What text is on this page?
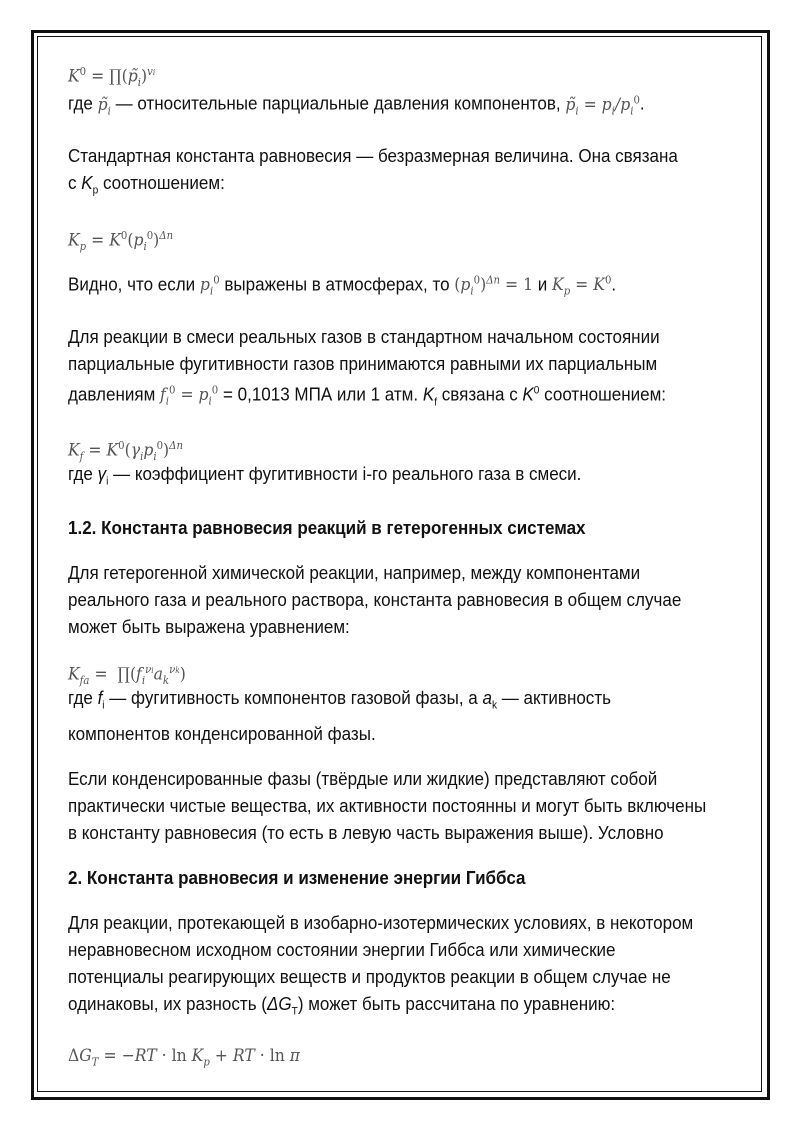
$K^0$ = $\prod(p̃_i)^{vi}$
где $p̃_i$ — относительные парциальные давления компонентов, $p̃_i = p_i/p_i^0$.
Стандартная константа равновесия — безразмерная величина. Она связана
с $K_p$ соотношением:
$K_p = K^0(p_i^0)^{\Delta n}$
Видно, что если $p_i^0$ выражены в атмосферах, то $(p_i^0)^{\Delta n} = 1$ и $K_p = K^0$.
Для реакции в смеси реальных газов в стандартном начальном состоянии
парциальные фугитивности газов принимаются равными их парциальным
давлениям $f_i^0 = p_i^0 = 0,1013$ МПА или 1 атм. $K_f$ связана с $K^0$ соотношением:
$K_f = K^0(\gamma_ip_i^0)^{\Delta n}$
где $\gamma_i$ — коэффициент фугитивности i-го реального газа в смеси.
1.2. Константа равновесия реакций в гетерогенных системах
Для гетерогенной химической реакции, например, между компонентами
реального газа и реального раствора, константа равновесия в общем случае
может быть выражена уравнением:
$K_{fa}$ =  $\prod(f_i^{\nu i}a_k^{\nu k})$
где $f_i$ — фугитивность компонентов газовой фазы, а $a_k$ — активность
компонентов конденсированной фазы.
Если конденсированные фазы (твёрдые или жидкие) представляют собой
практически чистые вещества, их активности постоянны и могут быть включены
в константу равновесия (то есть в левую часть выражения выше). Условно
2. Константа равновесия и изменение энергии Гиббса
Для реакции, протекающей в изобарно-изотермических условиях, в некотором
неравновесном исходном состоянии энергии Гиббса или химические
потенциалы реагирующих веществ и продуктов реакции в общем случае не
одинаковы, их разность $(\Delta G_T)$ может быть рассчитана по уравнению:
$\Delta G_T = -RT \cdot \ln K_p$ + RT · ln π
